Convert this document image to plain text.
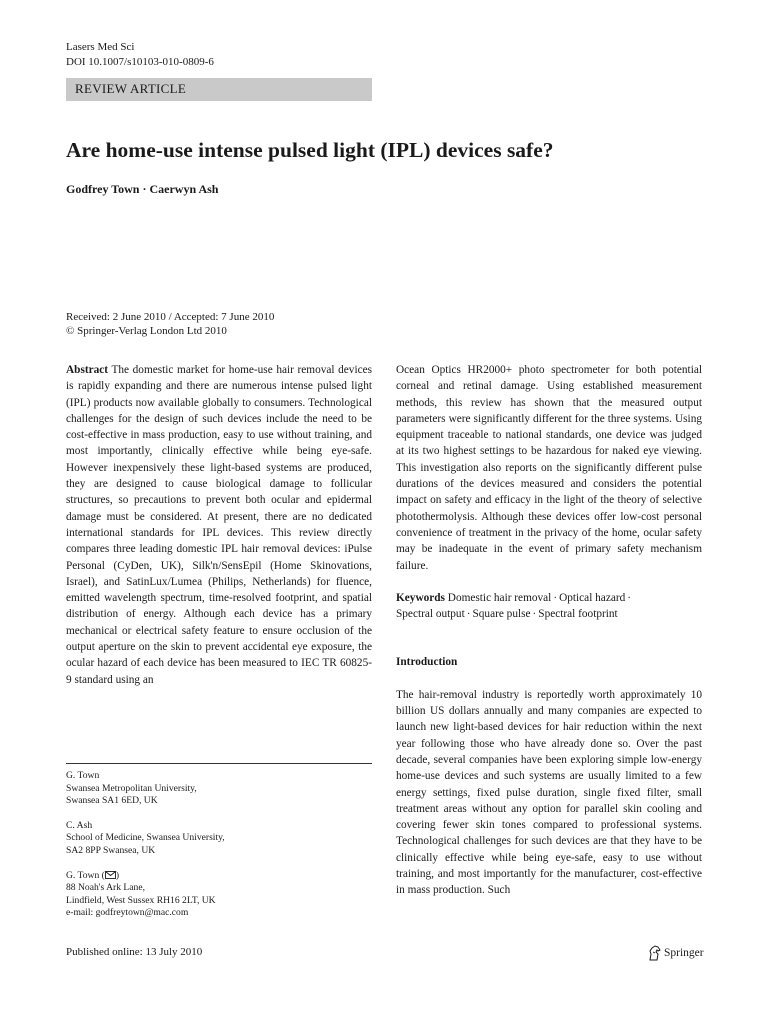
Lasers Med Sci
DOI 10.1007/s10103-010-0809-6
REVIEW ARTICLE
Are home-use intense pulsed light (IPL) devices safe?
Godfrey Town · Caerwyn Ash
Received: 2 June 2010 / Accepted: 7 June 2010
© Springer-Verlag London Ltd 2010
Abstract The domestic market for home-use hair removal devices is rapidly expanding and there are numerous intense pulsed light (IPL) products now available globally to consumers. Technological challenges for the design of such devices include the need to be cost-effective in mass production, easy to use without training, and most importantly, clinically effective while being eye-safe. However inexpensively these light-based systems are produced, they are designed to cause biological damage to follicular structures, so precautions to prevent both ocular and epidermal damage must be considered. At present, there are no dedicated international standards for IPL devices. This review directly compares three leading domestic IPL hair removal devices: iPulse Personal (CyDen, UK), Silk'n/SensEpil (Home Skinovations, Israel), and SatinLux/Lumea (Philips, Netherlands) for fluence, emitted wavelength spectrum, time-resolved footprint, and spatial distribution of energy. Although each device has a primary mechanical or electrical safety feature to ensure occlusion of the output aperture on the skin to prevent accidental eye exposure, the ocular hazard of each device has been measured to IEC TR 60825-9 standard using an
Ocean Optics HR2000+ photo spectrometer for both potential corneal and retinal damage. Using established measurement methods, this review has shown that the measured output parameters were significantly different for the three systems. Using equipment traceable to national standards, one device was judged at its two highest settings to be hazardous for naked eye viewing. This investigation also reports on the significantly different pulse durations of the devices measured and considers the potential impact on safety and efficacy in the light of the theory of selective photothermolysis. Although these devices offer low-cost personal convenience of treatment in the privacy of the home, ocular safety may be inadequate in the event of primary safety mechanism failure.
Keywords Domestic hair removal · Optical hazard ·
Spectral output · Square pulse · Spectral footprint
Introduction
The hair-removal industry is reportedly worth approximately 10 billion US dollars annually and many companies are expected to launch new light-based devices for hair reduction within the next year following those who have already done so. Over the past decade, several companies have been exploring simple low-energy home-use devices and such systems are usually limited to a few energy settings, fixed pulse duration, single fixed filter, small treatment areas without any option for parallel skin cooling and covering fewer skin tones compared to professional systems. Technological challenges for such devices are that they have to be clinically effective while being eye-safe, easy to use without training, and most importantly for the manufacturer, cost-effective in mass production. Such
G. Town
Swansea Metropolitan University,
Swansea SA1 6ED, UK
C. Ash
School of Medicine, Swansea University,
SA2 8PP Swansea, UK
G. Town ( )
88 Noah's Ark Lane,
Lindfield, West Sussex RH16 2LT, UK
e-mail: godfreytown@mac.com
Published online: 13 July 2010	Springer
